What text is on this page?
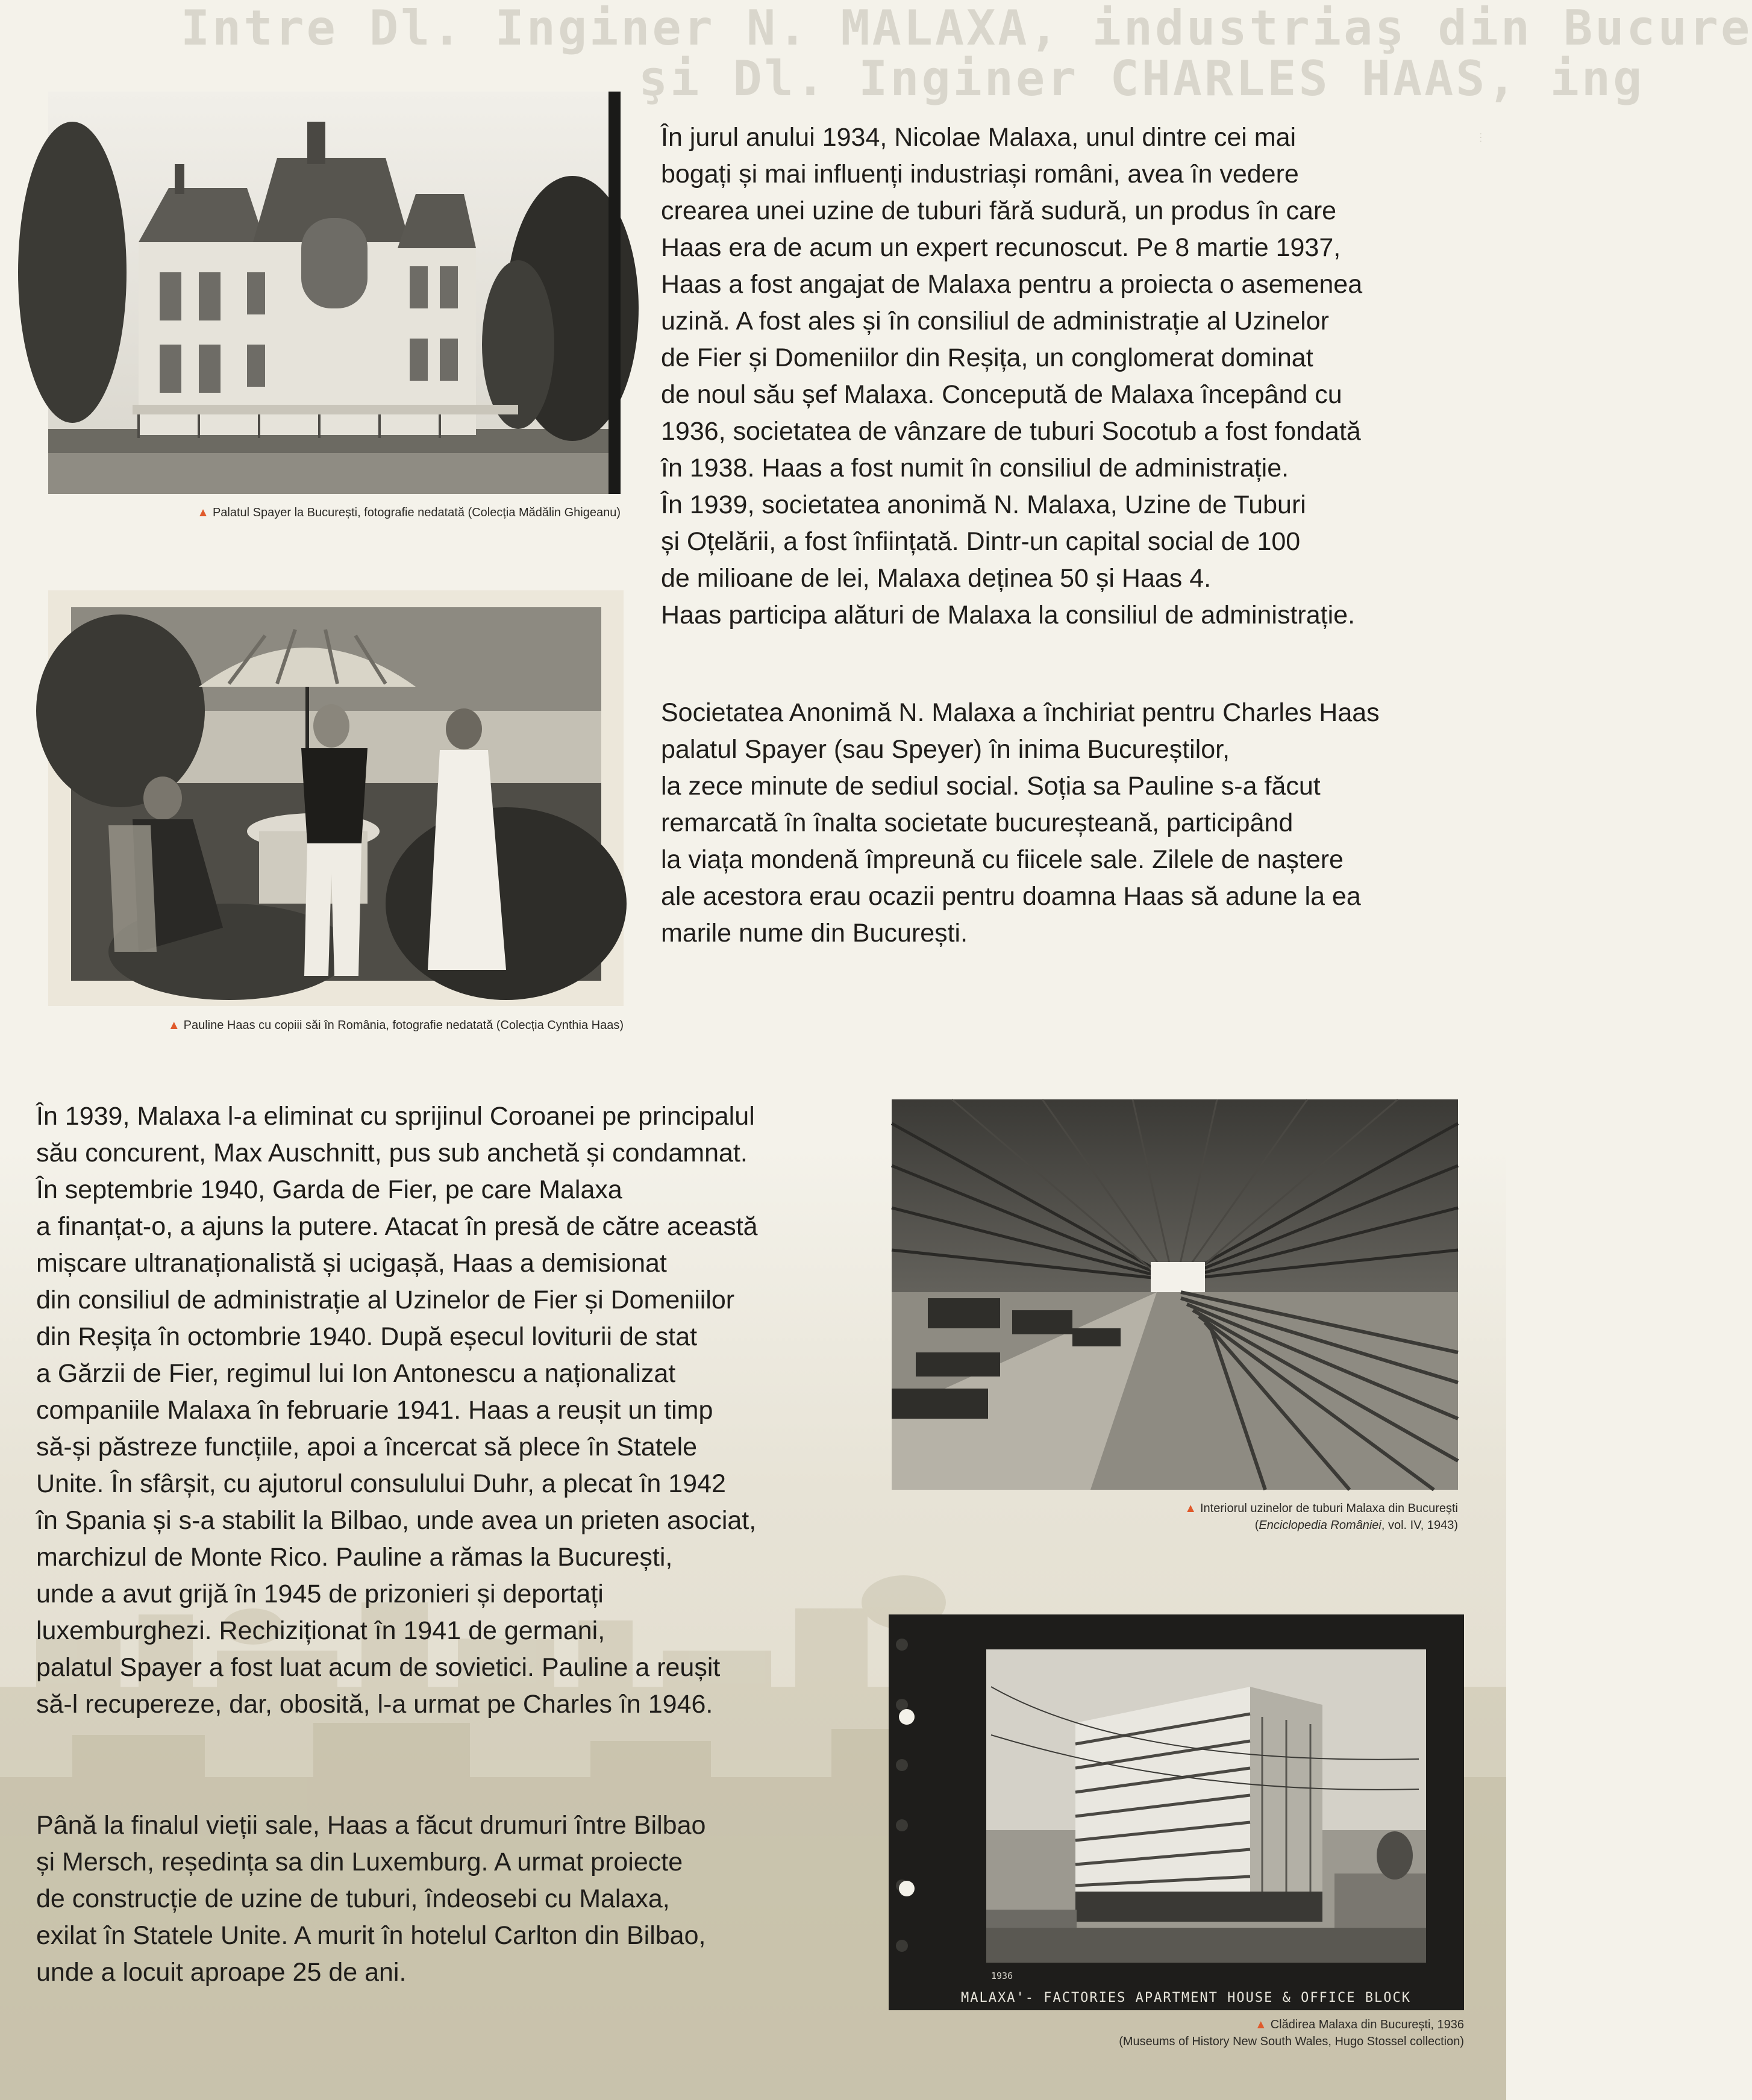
Intre Dl. Inginer N. MALAXA, industriaş din Bucure
şi Dl. Inginer CHARLES HAAS, ing
...
▲ Palatul Spayer la București, fotografie nedatată (Colecția Mădălin Ghigeanu)
▲ Pauline Haas cu copiii săi în România, fotografie nedatată (Colecția Cynthia Haas)
▲ Interiorul uzinelor de tuburi Malaxa din București
(Enciclopedia României, vol. IV, 1943)
1936
MALAXA'- FACTORIES APARTMENT HOUSE & OFFICE BLOCK
▲ Clădirea Malaxa din București, 1936
(Museums of History New South Wales, Hugo Stossel collection)
În jurul anului 1934, Nicolae Malaxa, unul dintre cei mai
bogați și mai influenți industriași români, avea în vedere
crearea unei uzine de tuburi fără sudură, un produs în care
Haas era de acum un expert recunoscut. Pe 8 martie 1937,
Haas a fost angajat de Malaxa pentru a proiecta o asemenea
uzină. A fost ales și în consiliul de administrație al Uzinelor
de Fier și Domeniilor din Reșița, un conglomerat dominat
de noul său șef Malaxa. Concepută de Malaxa începând cu
1936, societatea de vânzare de tuburi Socotub a fost fondată
în 1938. Haas a fost numit în consiliul de administrație.
În 1939, societatea anonimă N. Malaxa, Uzine de Tuburi
și Oțelării, a fost înființată. Dintr-un capital social de 100
de milioane de lei, Malaxa deținea 50 și Haas 4.
Haas participa alături de Malaxa la consiliul de administrație.
Societatea Anonimă N. Malaxa a închiriat pentru Charles Haas
palatul Spayer (sau Speyer) în inima Bucureștilor,
la zece minute de sediul social. Soția sa Pauline s-a făcut
remarcată în înalta societate bucureșteană, participând
la viața mondenă împreună cu fiicele sale. Zilele de naștere
ale acestora erau ocazii pentru doamna Haas să adune la ea
marile nume din București.
În 1939, Malaxa l-a eliminat cu sprijinul Coroanei pe principalul
său concurent, Max Auschnitt, pus sub anchetă și condamnat.
În septembrie 1940, Garda de Fier, pe care Malaxa
a finanțat-o, a ajuns la putere. Atacat în presă de către această
mișcare ultranaționalistă și ucigașă, Haas a demisionat
din consiliul de administrație al Uzinelor de Fier și Domeniilor
din Reșița în octombrie 1940. După eșecul loviturii de stat
a Gărzii de Fier, regimul lui Ion Antonescu a naționalizat
companiile Malaxa în februarie 1941. Haas a reușit un timp
să-și păstreze funcțiile, apoi a încercat să plece în Statele
Unite. În sfârșit, cu ajutorul consulului Duhr, a plecat în 1942
în Spania și s-a stabilit la Bilbao, unde avea un prieten asociat,
marchizul de Monte Rico. Pauline a rămas la București,
unde a avut grijă în 1945 de prizonieri și deportați
luxemburghezi. Rechiziționat în 1941 de germani,
palatul Spayer a fost luat acum de sovietici. Pauline a reușit
să-l recupereze, dar, obosită, l-a urmat pe Charles în 1946.
Până la finalul vieții sale, Haas a făcut drumuri între Bilbao
și Mersch, reședința sa din Luxemburg. A urmat proiecte
de construcție de uzine de tuburi, îndeosebi cu Malaxa,
exilat în Statele Unite. A murit în hotelul Carlton din Bilbao,
unde a locuit aproape 25 de ani.
